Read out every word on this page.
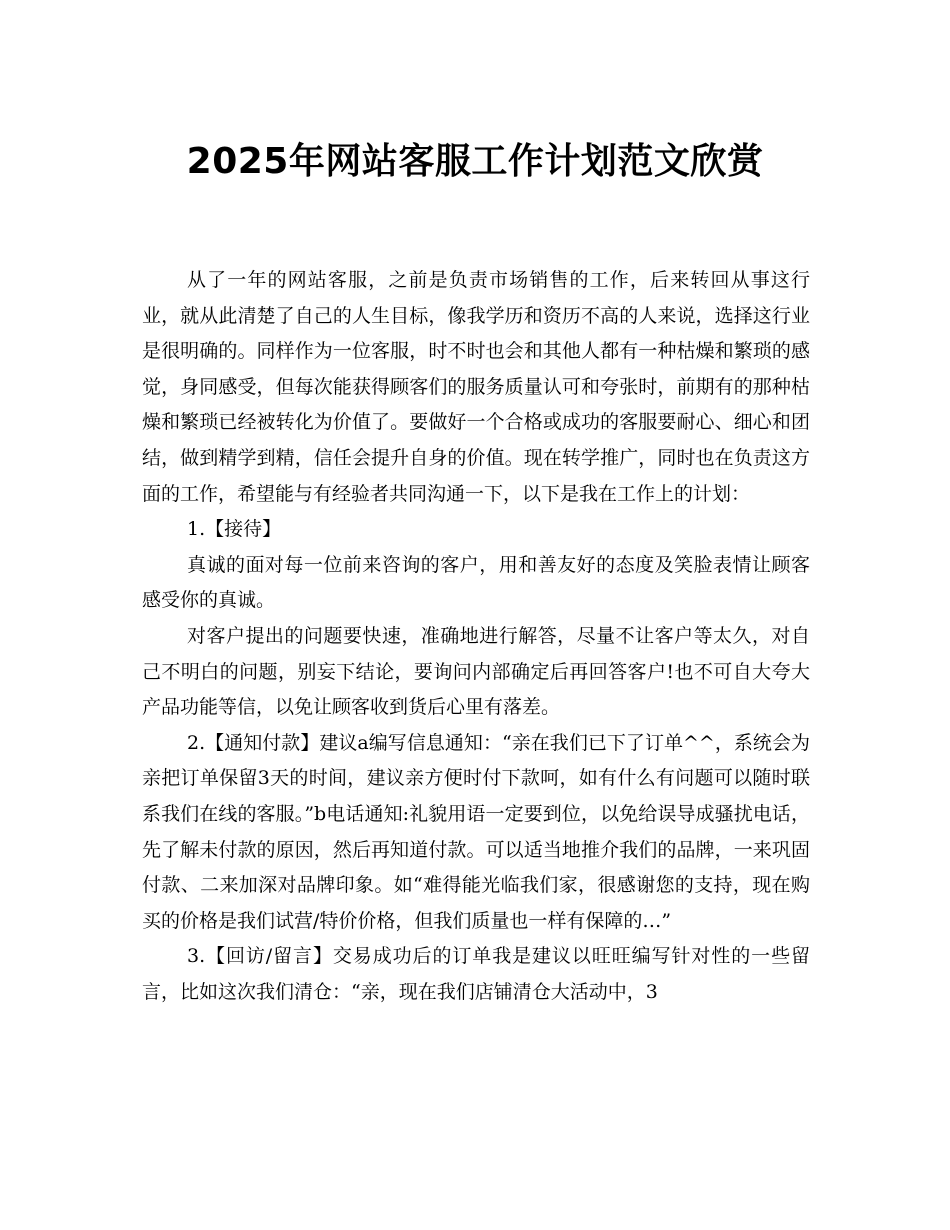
2025年网站客服工作计划范文欣赏

从了一年的网站客服，之前是负责市场销售的工作，后来转回从事这行业，就从此清楚了自己的人生目标，像我学历和资历不高的人来说，选择这行业是很明确的。同样作为一位客服，时不时也会和其他人都有一种枯燥和繁琐的感觉，身同感受，但每次能获得顾客们的服务质量认可和夸张时，前期有的那种枯燥和繁琐已经被转化为价值了。要做好一个合格或成功的客服要耐心、细心和团结，做到精学到精，信任会提升自身的价值。现在转学推广，同时也在负责这方面的工作，希望能与有经验者共同沟通一下，以下是我在工作上的计划：

1.【接待】

真诚的面对每一位前来咨询的客户，用和善友好的态度及笑脸表情让顾客感受你的真诚。

对客户提出的问题要快速，准确地进行解答，尽量不让客户等太久，对自己不明白的问题，别妄下结论，要询问内部确定后再回答客户!也不可自大夸大产品功能等信，以免让顾客收到货后心里有落差。

2.【通知付款】建议a编写信息通知：“亲在我们已下了订单^^，系统会为亲把订单保留3天的时间，建议亲方便时付下款呵，如有什么有问题可以随时联系我们在线的客服。”b电话通知:礼貌用语一定要到位，以免给误导成骚扰电话，先了解未付款的原因，然后再知道付款。可以适当地推介我们的品牌，一来巩固付款、二来加深对品牌印象。如“难得能光临我们家，很感谢您的支持，现在购买的价格是我们试营/特价价格，但我们质量也一样有保障的…”

3.【回访/留言】交易成功后的订单我是建议以旺旺编写针对性的一些留言，比如这次我们清仓：“亲，现在我们店铺清仓大活动中，3
